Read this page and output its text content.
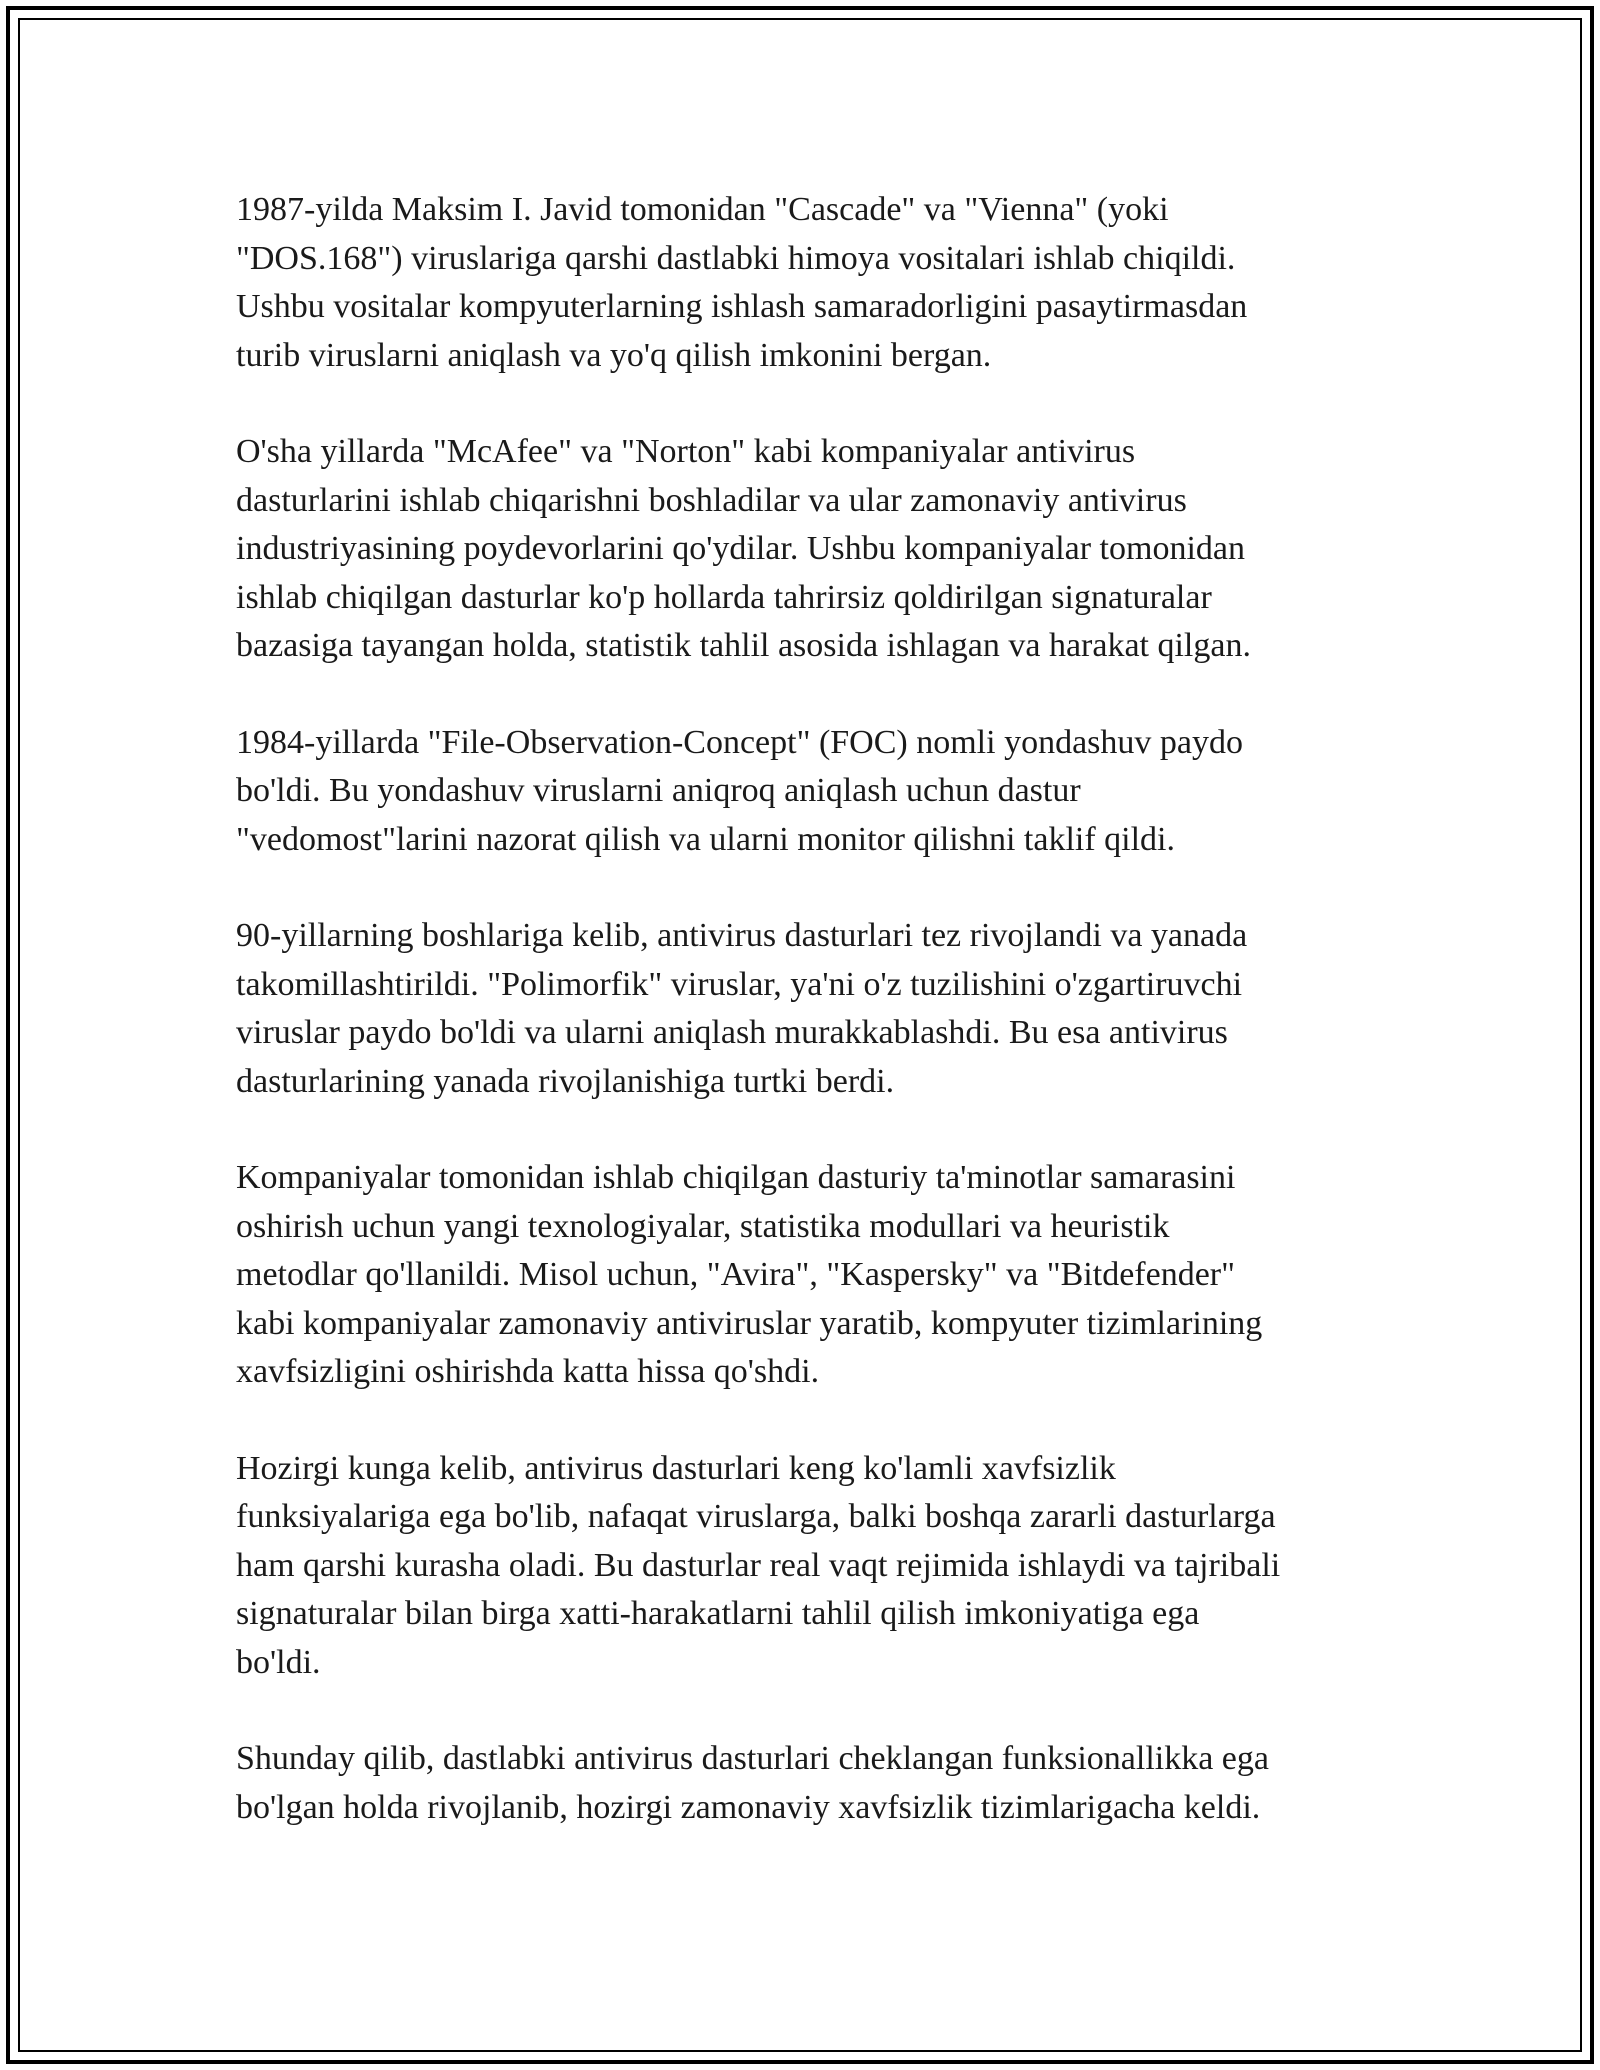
1987-yilda Maksim I. Javid tomonidan "Cascade" va "Vienna" (yoki
"DOS.168") viruslariga qarshi dastlabki himoya vositalari ishlab chiqildi.
Ushbu vositalar kompyuterlarning ishlash samaradorligini pasaytirmasdan
turib viruslarni aniqlash va yo'q qilish imkonini bergan.

O'sha yillarda "McAfee" va "Norton" kabi kompaniyalar antivirus
dasturlarini ishlab chiqarishni boshladilar va ular zamonaviy antivirus
industriyasining poydevorlarini qo'ydilar. Ushbu kompaniyalar tomonidan
ishlab chiqilgan dasturlar ko'p hollarda tahrirsiz qoldirilgan signaturalar
bazasiga tayangan holda, statistik tahlil asosida ishlagan va harakat qilgan.

1984-yillarda "File-Observation-Concept" (FOC) nomli yondashuv paydo
bo'ldi. Bu yondashuv viruslarni aniqroq aniqlash uchun dastur
"vedomost"larini nazorat qilish va ularni monitor qilishni taklif qildi.

90-yillarning boshlariga kelib, antivirus dasturlari tez rivojlandi va yanada
takomillashtirildi. "Polimorfik" viruslar, ya'ni o'z tuzilishini o'zgartiruvchi
viruslar paydo bo'ldi va ularni aniqlash murakkablashdi. Bu esa antivirus
dasturlarining yanada rivojlanishiga turtki berdi.

Kompaniyalar tomonidan ishlab chiqilgan dasturiy ta'minotlar samarasini
oshirish uchun yangi texnologiyalar, statistika modullari va heuristik
metodlar qo'llanildi. Misol uchun, "Avira", "Kaspersky" va "Bitdefender"
kabi kompaniyalar zamonaviy antiviruslar yaratib, kompyuter tizimlarining
xavfsizligini oshirishda katta hissa qo'shdi.

Hozirgi kunga kelib, antivirus dasturlari keng ko'lamli xavfsizlik
funksiyalariga ega bo'lib, nafaqat viruslarga, balki boshqa zararli dasturlarga
ham qarshi kurasha oladi. Bu dasturlar real vaqt rejimida ishlaydi va tajribali
signaturalar bilan birga xatti-harakatlarni tahlil qilish imkoniyatiga ega
bo'ldi.

Shunday qilib, dastlabki antivirus dasturlari cheklangan funksionallikka ega
bo'lgan holda rivojlanib, hozirgi zamonaviy xavfsizlik tizimlarigacha keldi.
